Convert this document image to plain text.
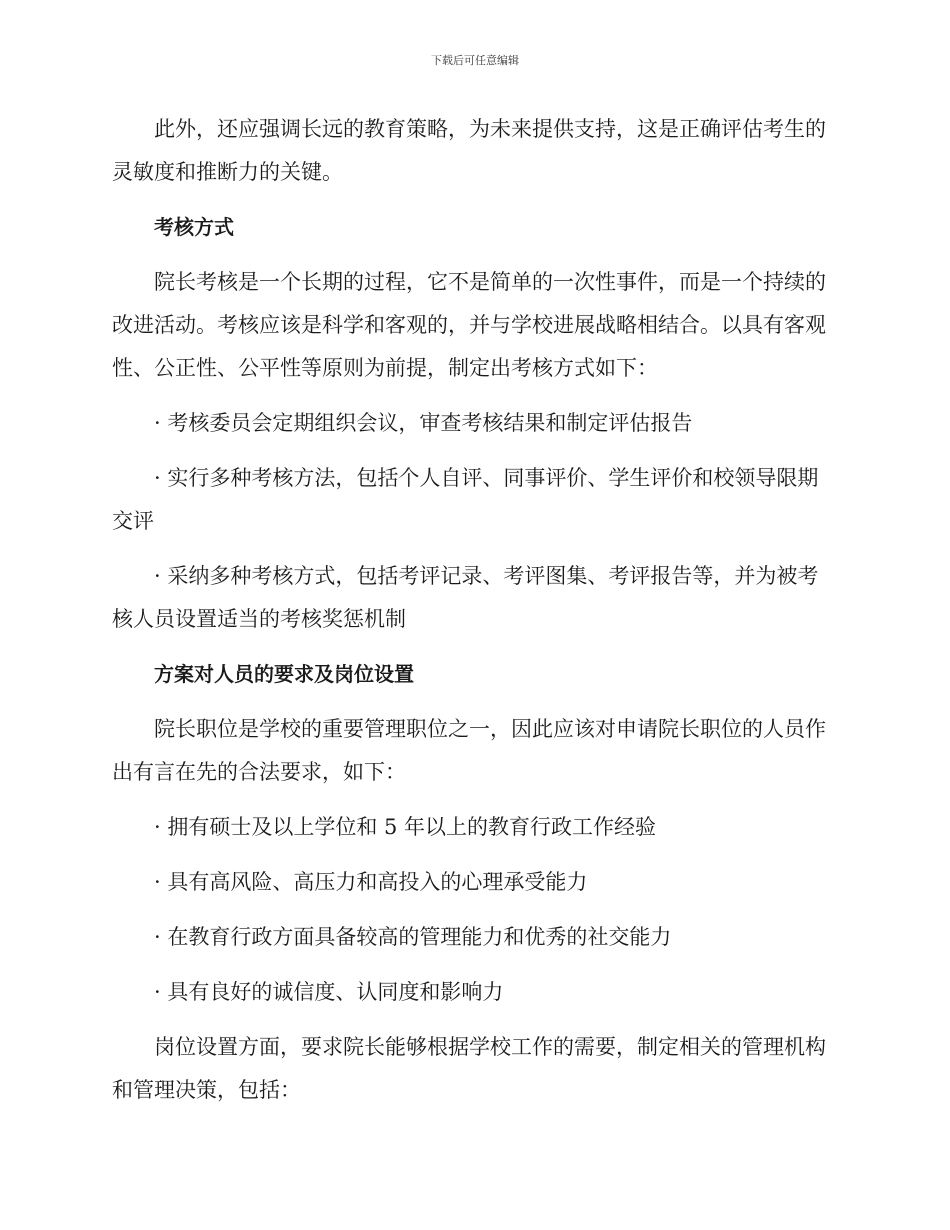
下载后可任意编辑

此外，还应强调长远的教育策略，为未来提供支持，这是正确评估考生的灵敏度和推断力的关键。

考核方式

院长考核是一个长期的过程，它不是简单的一次性事件，而是一个持续的改进活动。考核应该是科学和客观的，并与学校进展战略相结合。以具有客观性、公正性、公平性等原则为前提，制定出考核方式如下：

· 考核委员会定期组织会议，审查考核结果和制定评估报告

· 实行多种考核方法，包括个人自评、同事评价、学生评价和校领导限期交评

· 采纳多种考核方式，包括考评记录、考评图集、考评报告等，并为被考核人员设置适当的考核奖惩机制

方案对人员的要求及岗位设置

院长职位是学校的重要管理职位之一，因此应该对申请院长职位的人员作出有言在先的合法要求，如下：

· 拥有硕士及以上学位和 5 年以上的教育行政工作经验

· 具有高风险、高压力和高投入的心理承受能力

· 在教育行政方面具备较高的管理能力和优秀的社交能力

· 具有良好的诚信度、认同度和影响力

岗位设置方面，要求院长能够根据学校工作的需要，制定相关的管理机构和管理决策，包括：
